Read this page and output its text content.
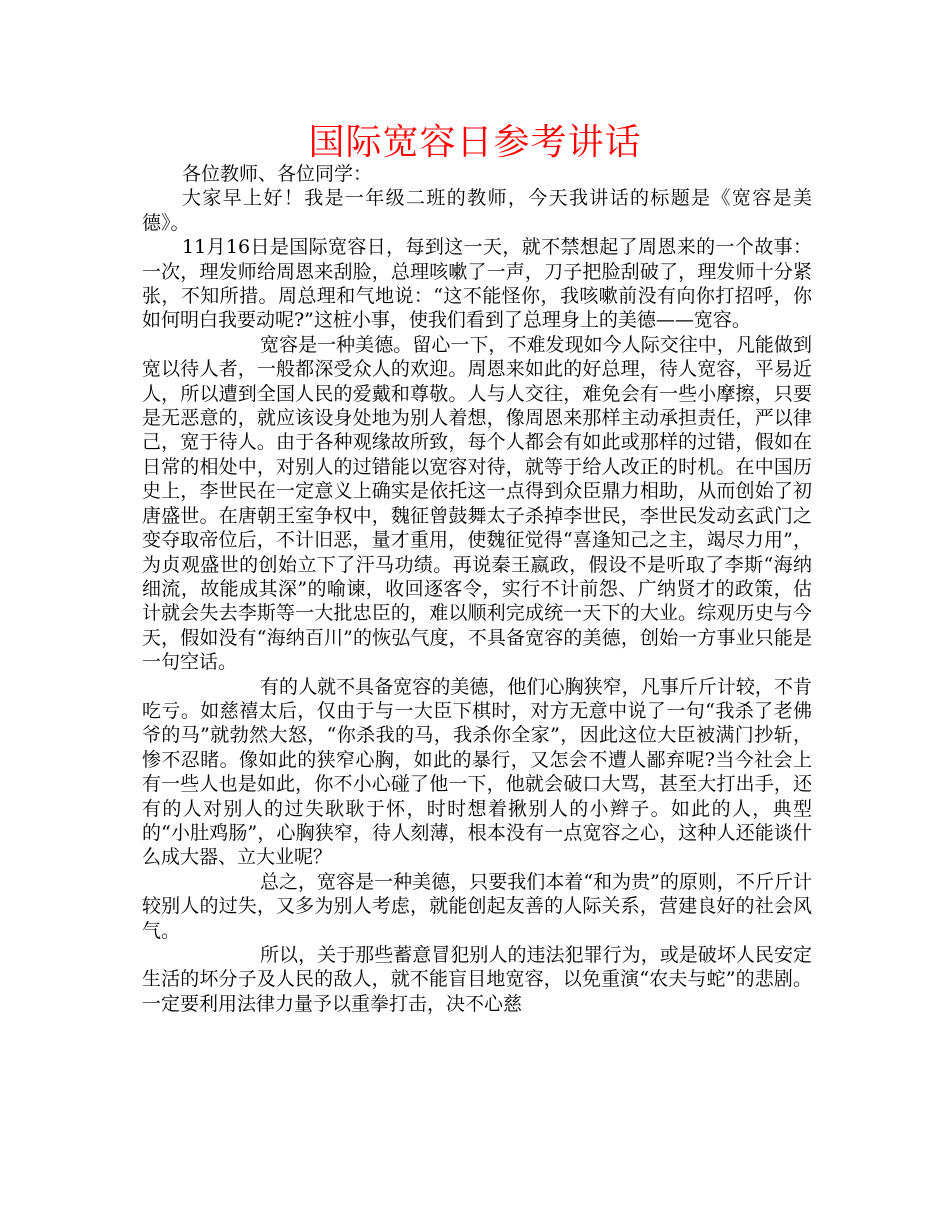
国际宽容日参考讲话

各位教师、各位同学：

大家早上好！我是一年级二班的教师，今天我讲话的标题是《宽容是美德》。

11月16日是国际宽容日，每到这一天，就不禁想起了周恩来的一个故事：一次，理发师给周恩来刮脸，总理咳嗽了一声，刀子把脸刮破了，理发师十分紧张，不知所措。周总理和气地说：“这不能怪你，我咳嗽前没有向你打招呼，你如何明白我要动呢?”这桩小事，使我们看到了总理身上的美德——宽容。

宽容是一种美德。留心一下，不难发现如今人际交往中，凡能做到宽以待人者，一般都深受众人的欢迎。周恩来如此的好总理，待人宽容，平易近人，所以遭到全国人民的爱戴和尊敬。人与人交往，难免会有一些小摩擦，只要是无恶意的，就应该设身处地为别人着想，像周恩来那样主动承担责任，严以律己，宽于待人。由于各种观缘故所致，每个人都会有如此或那样的过错，假如在日常的相处中，对别人的过错能以宽容对待，就等于给人改正的时机。在中国历史上，李世民在一定意义上确实是依托这一点得到众臣鼎力相助，从而创始了初唐盛世。在唐朝王室争权中，魏征曾鼓舞太子杀掉李世民，李世民发动玄武门之变夺取帝位后，不计旧恶，量才重用，使魏征觉得“喜逢知己之主，竭尽力用”，为贞观盛世的创始立下了汗马功绩。再说秦王嬴政，假设不是听取了李斯“海纳细流，故能成其深”的喻谏，收回逐客令，实行不计前怨、广纳贤才的政策，估计就会失去李斯等一大批忠臣的，难以顺利完成统一天下的大业。综观历史与今天，假如没有“海纳百川”的恢弘气度，不具备宽容的美德，创始一方事业只能是一句空话。

有的人就不具备宽容的美德，他们心胸狭窄，凡事斤斤计较，不肯吃亏。如慈禧太后，仅由于与一大臣下棋时，对方无意中说了一句“我杀了老佛爷的马”就勃然大怒，“你杀我的马，我杀你全家”，因此这位大臣被满门抄斩，惨不忍睹。像如此的狭窄心胸，如此的暴行，又怎会不遭人鄙弃呢?当今社会上有一些人也是如此，你不小心碰了他一下，他就会破口大骂，甚至大打出手，还有的人对别人的过失耿耿于怀，时时想着揪别人的小辫子。如此的人，典型的“小肚鸡肠”，心胸狭窄，待人刻薄，根本没有一点宽容之心，这种人还能谈什么成大器、立大业呢？

总之，宽容是一种美德，只要我们本着“和为贵”的原则，不斤斤计较别人的过失，又多为别人考虑，就能创起友善的人际关系，营建良好的社会风气。

所以，关于那些蓄意冒犯别人的违法犯罪行为，或是破坏人民安定生活的坏分子及人民的敌人，就不能盲目地宽容，以免重演“农夫与蛇”的悲剧。一定要利用法律力量予以重拳打击，决不心慈
